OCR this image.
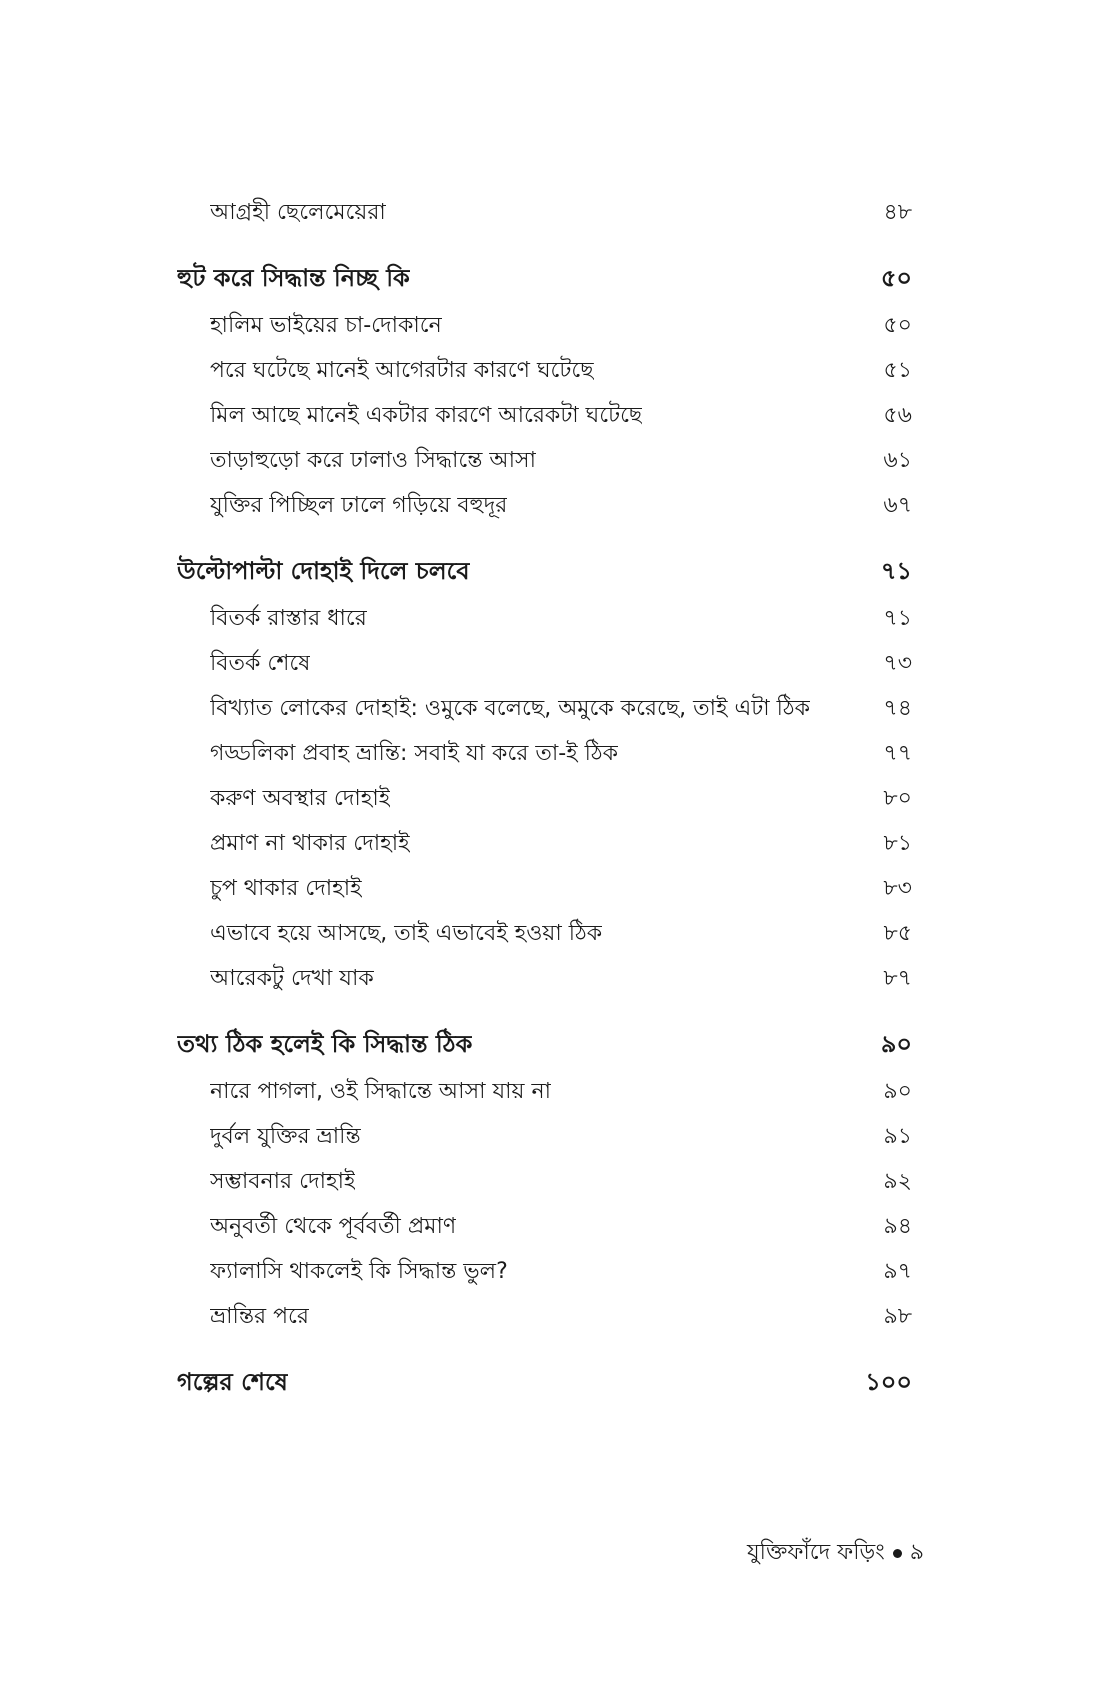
আগ্রহী ছেলেমেয়েরা	৪৮
হুট করে সিদ্ধান্ত নিচ্ছ কি	৫০
হালিম ভাইয়ের চা-দোকানে	৫০
পরে ঘটেছে মানেই আগেরটার কারণে ঘটেছে	৫১
মিল আছে মানেই একটার কারণে আরেকটা ঘটেছে	৫৬
তাড়াহুড়ো করে ঢালাও সিদ্ধান্তে আসা	৬১
যুক্তির পিচ্ছিল ঢালে গড়িয়ে বহুদূর	৬৭
উল্টোপাল্টা দোহাই দিলে চলবে	৭১
বিতর্ক রাস্তার ধারে	৭১
বিতর্ক শেষে	৭৩
বিখ্যাত লোকের দোহাই: ওমুকে বলেছে, অমুকে করেছে, তাই এটা ঠিক	৭৪
গড্ডলিকা প্রবাহ ভ্রান্তি: সবাই যা করে তা-ই ঠিক	৭৭
করুণ অবস্থার দোহাই	৮০
প্রমাণ না থাকার দোহাই	৮১
চুপ থাকার দোহাই	৮৩
এভাবে হয়ে আসছে, তাই এভাবেই হওয়া ঠিক	৮৫
আরেকটু দেখা যাক	৮৭
তথ্য ঠিক হলেই কি সিদ্ধান্ত ঠিক	৯০
নারে পাগলা, ওই সিদ্ধান্তে আসা যায় না	৯০
দুর্বল যুক্তির ভ্রান্তি	৯১
সম্ভাবনার দোহাই	৯২
অনুবর্তী থেকে পূর্ববর্তী প্রমাণ	৯৪
ফ্যালাসি থাকলেই কি সিদ্ধান্ত ভুল?	৯৭
ভ্রান্তির পরে	৯৮
গল্পের শেষে	১০০
যুক্তিফাঁদে ফড়িং ৯
